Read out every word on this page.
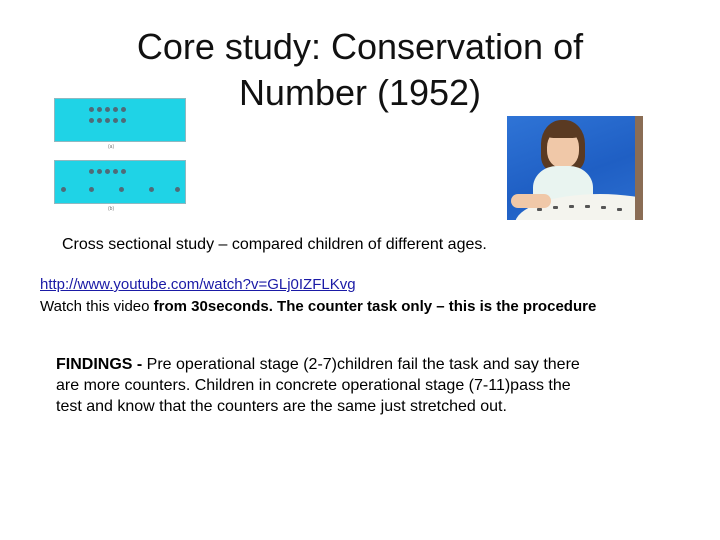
Core study: Conservation of
Number (1952)
(a)
(b)
Cross sectional study – compared children of different ages.
http://www.youtube.com/watch?v=GLj0IZFLKvg
Watch this video from 30seconds. The counter task only – this is the procedure
FINDINGS - Pre operational stage (2-7)children fail the task and say there are more counters. Children in concrete operational stage (7-11)pass the test and know that the counters are the same just stretched out.
